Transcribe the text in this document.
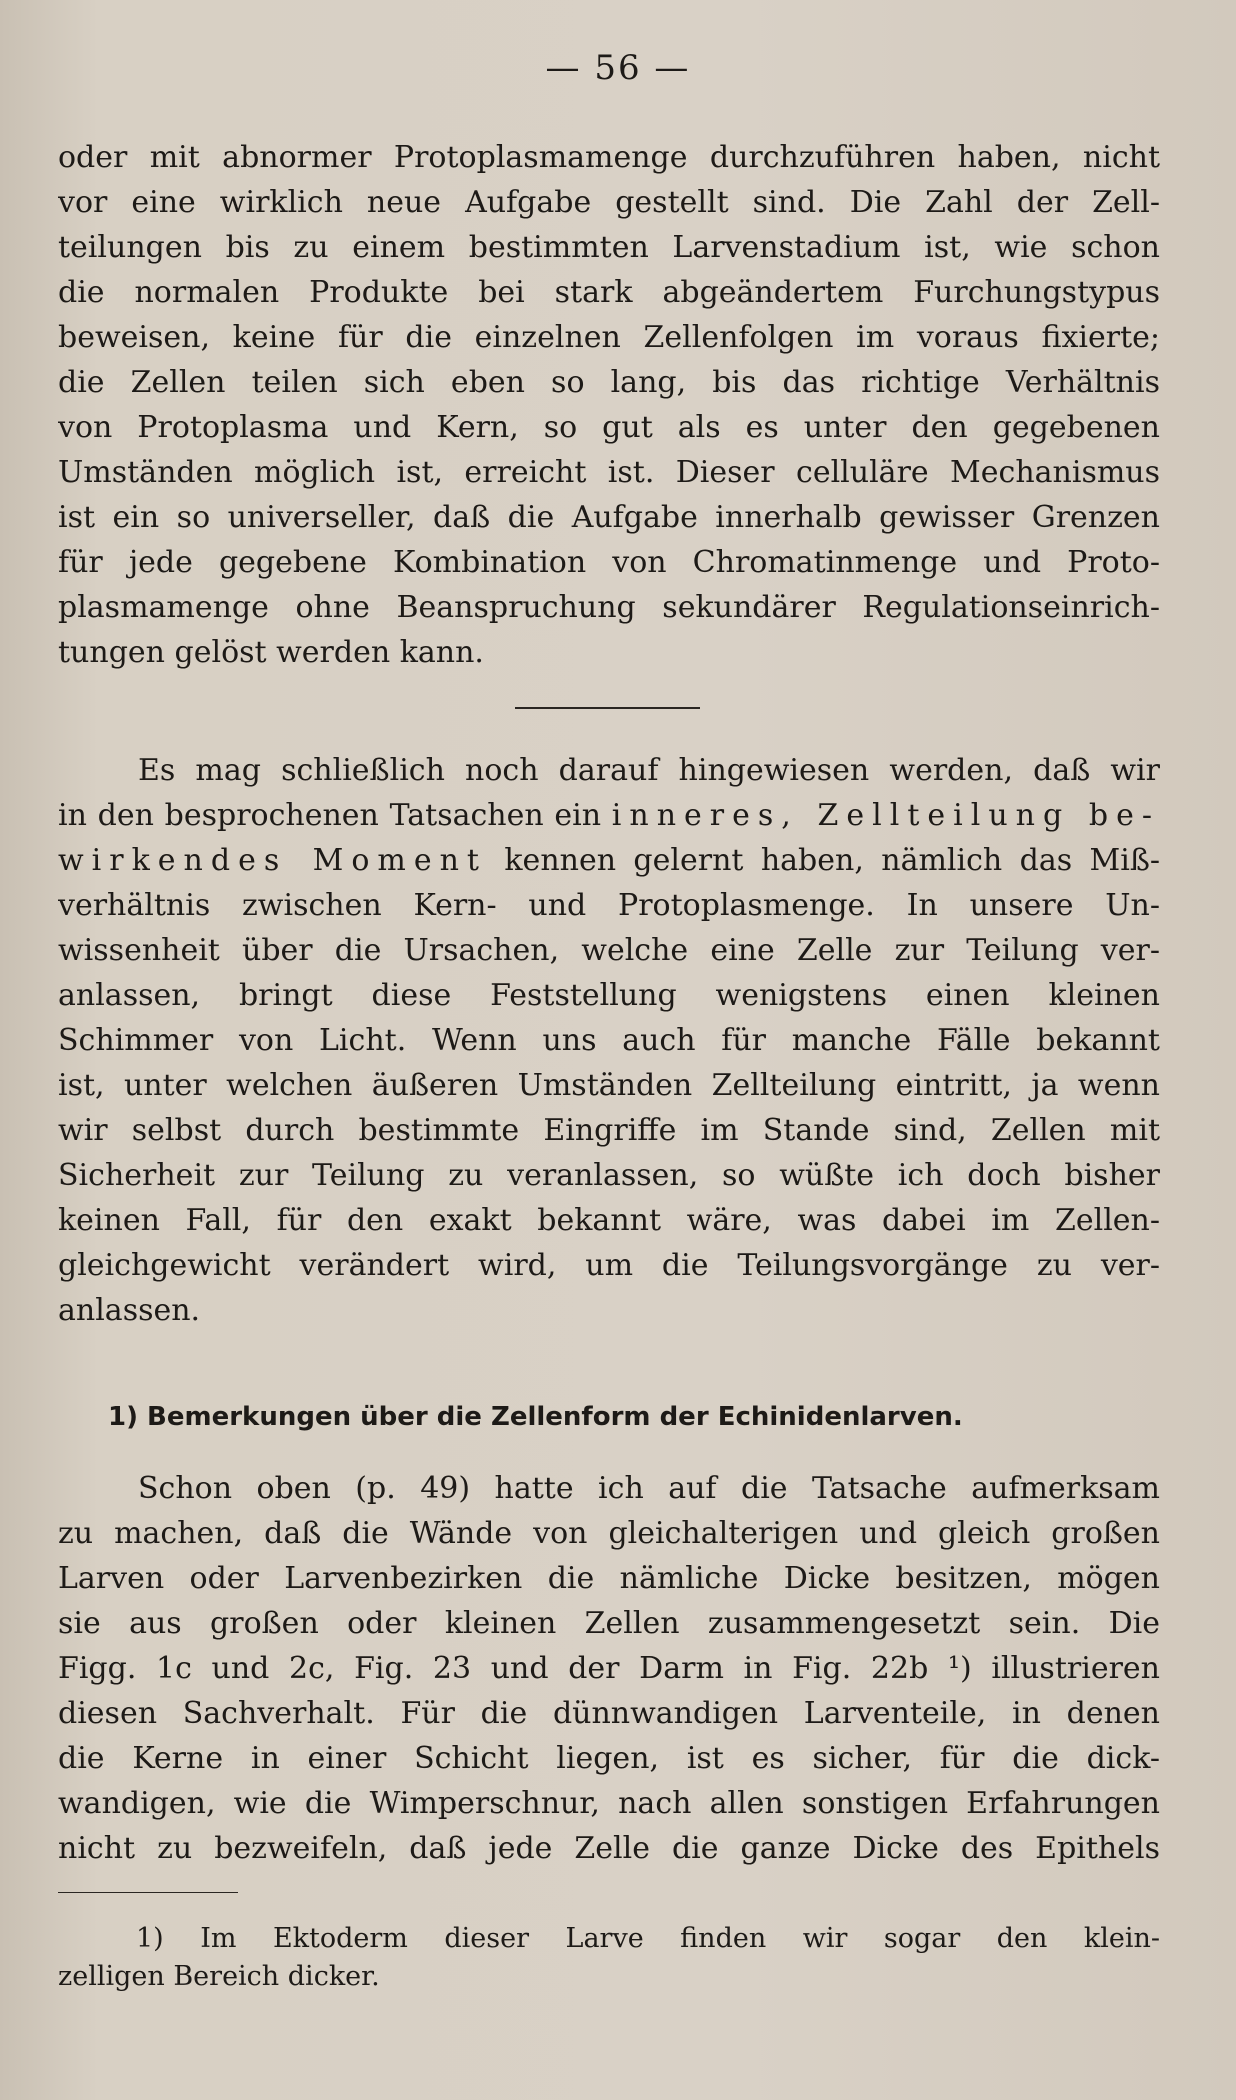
— 56 —
oder mit abnormer Protoplasmamenge durchzuführen haben, nicht
vor eine wirklich neue Aufgabe gestellt sind. Die Zahl der Zell-
teilungen bis zu einem bestimmten Larvenstadium ist, wie schon
die normalen Produkte bei stark abgeändertem Furchungstypus
beweisen, keine für die einzelnen Zellenfolgen im voraus fixierte;
die Zellen teilen sich eben so lang, bis das richtige Verhältnis
von Protoplasma und Kern, so gut als es unter den gegebenen
Umständen möglich ist, erreicht ist. Dieser celluläre Mechanismus
ist ein so universeller, daß die Aufgabe innerhalb gewisser Grenzen
für jede gegebene Kombination von Chromatinmenge und Proto-
plasmamenge ohne Beanspruchung sekundärer Regulationseinrich-
tungen gelöst werden kann.
Es mag schließlich noch darauf hingewiesen werden, daß wir
in den besprochenen Tatsachen ein inneres, Zellteilung be-
wirkendes Moment kennen gelernt haben, nämlich das Miß-
verhältnis zwischen Kern- und Protoplasmenge. In unsere Un-
wissenheit über die Ursachen, welche eine Zelle zur Teilung ver-
anlassen, bringt diese Feststellung wenigstens einen kleinen
Schimmer von Licht. Wenn uns auch für manche Fälle bekannt
ist, unter welchen äußeren Umständen Zellteilung eintritt, ja wenn
wir selbst durch bestimmte Eingriffe im Stande sind, Zellen mit
Sicherheit zur Teilung zu veranlassen, so wüßte ich doch bisher
keinen Fall, für den exakt bekannt wäre, was dabei im Zellen-
gleichgewicht verändert wird, um die Teilungsvorgänge zu ver-
anlassen.
1) Bemerkungen über die Zellenform der Echinidenlarven.
Schon oben (p. 49) hatte ich auf die Tatsache aufmerksam
zu machen, daß die Wände von gleichalterigen und gleich großen
Larven oder Larvenbezirken die nämliche Dicke besitzen, mögen
sie aus großen oder kleinen Zellen zusammengesetzt sein. Die
Figg. 1c und 2c, Fig. 23 und der Darm in Fig. 22b ¹) illustrieren
diesen Sachverhalt. Für die dünnwandigen Larventeile, in denen
die Kerne in einer Schicht liegen, ist es sicher, für die dick-
wandigen, wie die Wimperschnur, nach allen sonstigen Erfahrungen
nicht zu bezweifeln, daß jede Zelle die ganze Dicke des Epithels
1) Im Ektoderm dieser Larve finden wir sogar den klein-
zelligen Bereich dicker.
